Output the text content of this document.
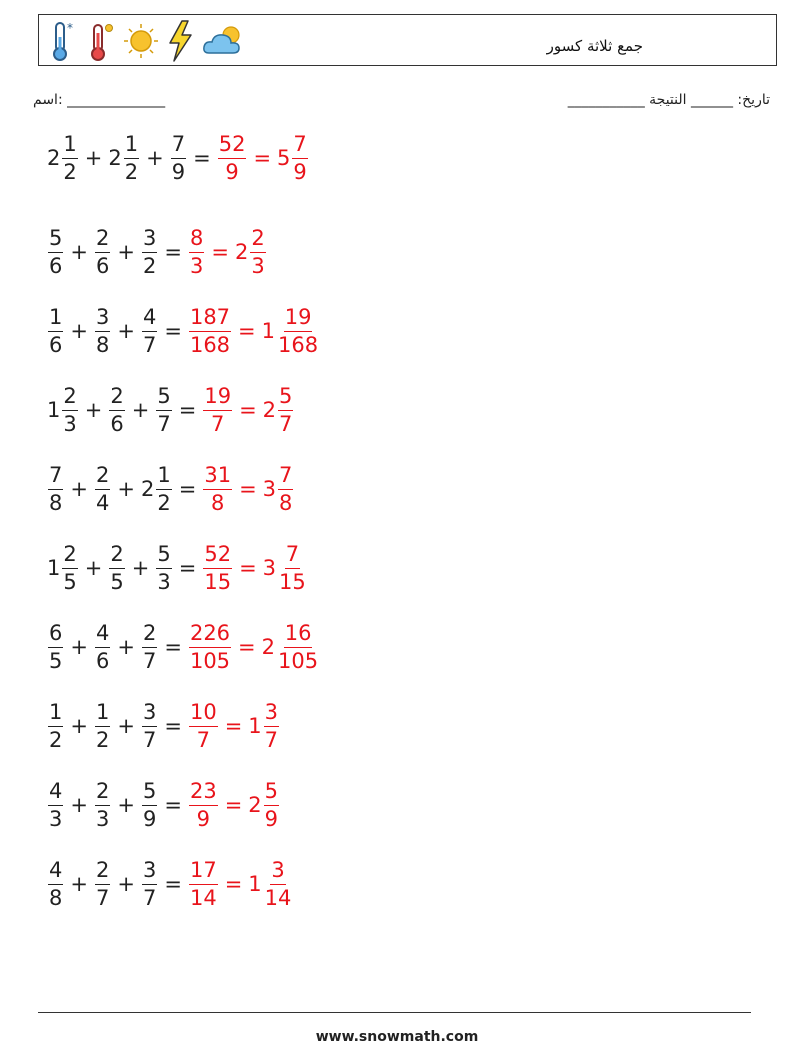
*
جمع ثلاثة كسور
اسم: ______________	تاريخ: ______ النتيجة ___________
$2 \frac{1}{2} + 2 \frac{1}{2} + \frac{7}{9} = \frac{52}{9} = 5 \frac{7}{9}$
$\frac{5}{6} + \frac{2}{6} + \frac{3}{2} = \frac{8}{3} = 2 \frac{2}{3}$
$\frac{1}{6} + \frac{3}{8} + \frac{4}{7} = \frac{187}{168} = 1 \frac{19}{168}$
$1 \frac{2}{3} + \frac{2}{6} + \frac{5}{7} = \frac{19}{7} = 2 \frac{5}{7}$
$\frac{7}{8} + \frac{2}{4} + 2 \frac{1}{2} = \frac{31}{8} = 3 \frac{7}{8}$
$1 \frac{2}{5} + \frac{2}{5} + \frac{5}{3} = \frac{52}{15} = 3 \frac{7}{15}$
$\frac{6}{5} + \frac{4}{6} + \frac{2}{7} = \frac{226}{105} = 2 \frac{16}{105}$
$\frac{1}{2} + \frac{1}{2} + \frac{3}{7} = \frac{10}{7} = 1 \frac{3}{7}$
$\frac{4}{3} + \frac{2}{3} + \frac{5}{9} = \frac{23}{9} = 2 \frac{5}{9}$
$\frac{4}{8} + \frac{2}{7} + \frac{3}{7} = \frac{17}{14} = 1 \frac{3}{14}$
www.snowmath.com
